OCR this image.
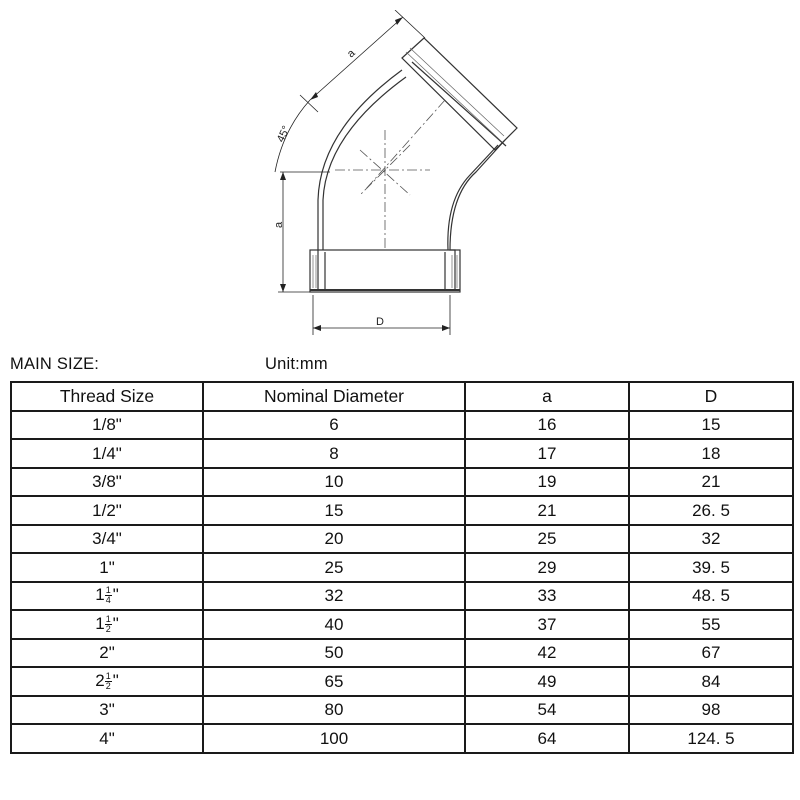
a
45°
a
D
MAIN SIZE:	Unit:mm
Thread Size	Nominal Diameter	a	D
1/8"	6	16	15
1/4"	8	17	18
3/8"	10	19	21
1/2"	15	21	26. 5
3/4"	20	25	32
1"	25	29	39. 5
$1 \frac{1}{4}$ "	32	33	48. 5
$1 \frac{1}{2}$ "	40	37	55
2"	50	42	67
$2 \frac{1}{2}$ "	65	49	84
3"	80	54	98
4"	100	64	124. 5
